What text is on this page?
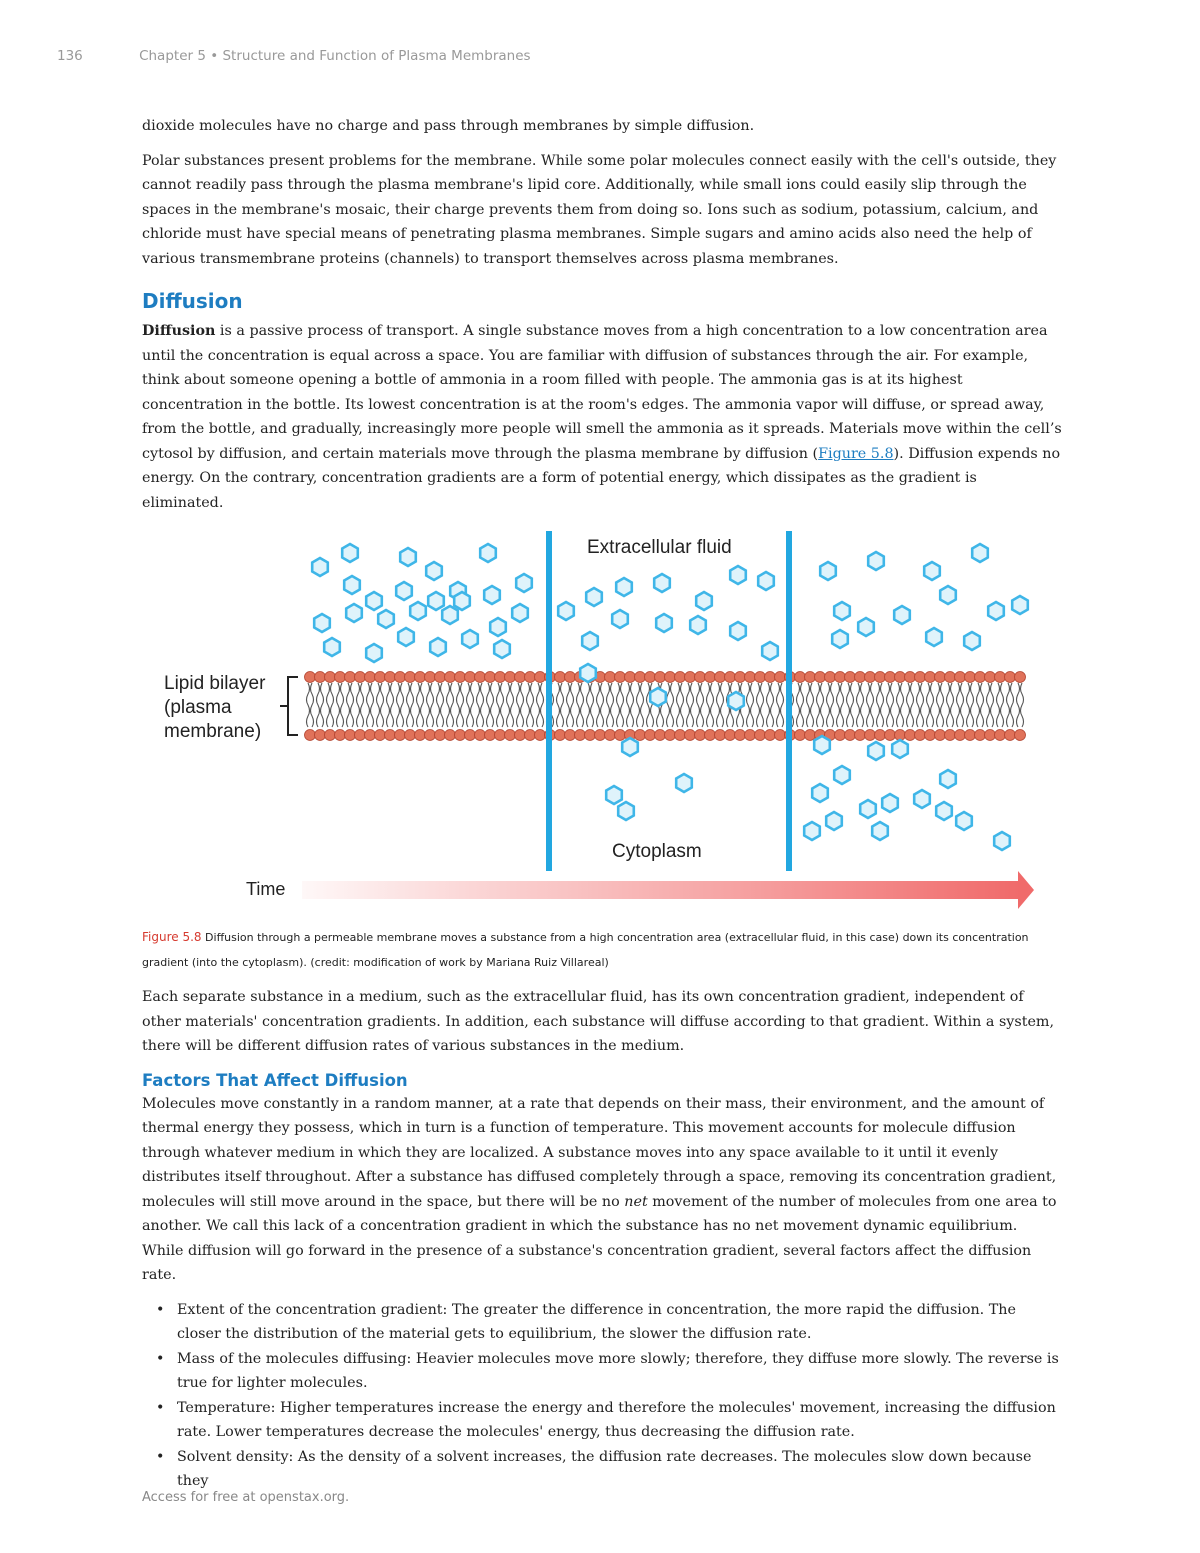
136	Chapter 5 • Structure and Function of Plasma Membranes

dioxide molecules have no charge and pass through membranes by simple diffusion.

Polar substances present problems for the membrane. While some polar molecules connect easily with the cell's outside, they cannot readily pass through the plasma membrane's lipid core. Additionally, while small ions could easily slip through the spaces in the membrane's mosaic, their charge prevents them from doing so. Ions such as sodium, potassium, calcium, and chloride must have special means of penetrating plasma membranes. Simple sugars and amino acids also need the help of various transmembrane proteins (channels) to transport themselves across plasma membranes.

Diffusion

Diffusion is a passive process of transport. A single substance moves from a high concentration to a low concentration area until the concentration is equal across a space. You are familiar with diffusion of substances through the air. For example, think about someone opening a bottle of ammonia in a room filled with people. The ammonia gas is at its highest concentration in the bottle. Its lowest concentration is at the room's edges. The ammonia vapor will diffuse, or spread away, from the bottle, and gradually, increasingly more people will smell the ammonia as it spreads. Materials move within the cell’s cytosol by diffusion, and certain materials move through the plasma membrane by diffusion (Figure 5.8). Diffusion expends no energy. On the contrary, concentration gradients are a form of potential energy, which dissipates as the gradient is eliminated.

Extracellular fluid
Cytoplasm
Lipid bilayer
(plasma
membrane)
Time

Figure 5.8 Diffusion through a permeable membrane moves a substance from a high concentration area (extracellular fluid, in this case) down its concentration gradient (into the cytoplasm). (credit: modification of work by Mariana Ruiz Villareal)

Each separate substance in a medium, such as the extracellular fluid, has its own concentration gradient, independent of other materials' concentration gradients. In addition, each substance will diffuse according to that gradient. Within a system, there will be different diffusion rates of various substances in the medium.

Factors That Affect Diffusion

Molecules move constantly in a random manner, at a rate that depends on their mass, their environment, and the amount of thermal energy they possess, which in turn is a function of temperature. This movement accounts for molecule diffusion through whatever medium in which they are localized. A substance moves into any space available to it until it evenly distributes itself throughout. After a substance has diffused completely through a space, removing its concentration gradient, molecules will still move around in the space, but there will be no net movement of the number of molecules from one area to another. We call this lack of a concentration gradient in which the substance has no net movement dynamic equilibrium. While diffusion will go forward in the presence of a substance's concentration gradient, several factors affect the diffusion rate.

• Extent of the concentration gradient: The greater the difference in concentration, the more rapid the diffusion. The closer the distribution of the material gets to equilibrium, the slower the diffusion rate.
• Mass of the molecules diffusing: Heavier molecules move more slowly; therefore, they diffuse more slowly. The reverse is true for lighter molecules.
• Temperature: Higher temperatures increase the energy and therefore the molecules' movement, increasing the diffusion rate. Lower temperatures decrease the molecules' energy, thus decreasing the diffusion rate.
• Solvent density: As the density of a solvent increases, the diffusion rate decreases. The molecules slow down because they
Access for free at openstax.org.
